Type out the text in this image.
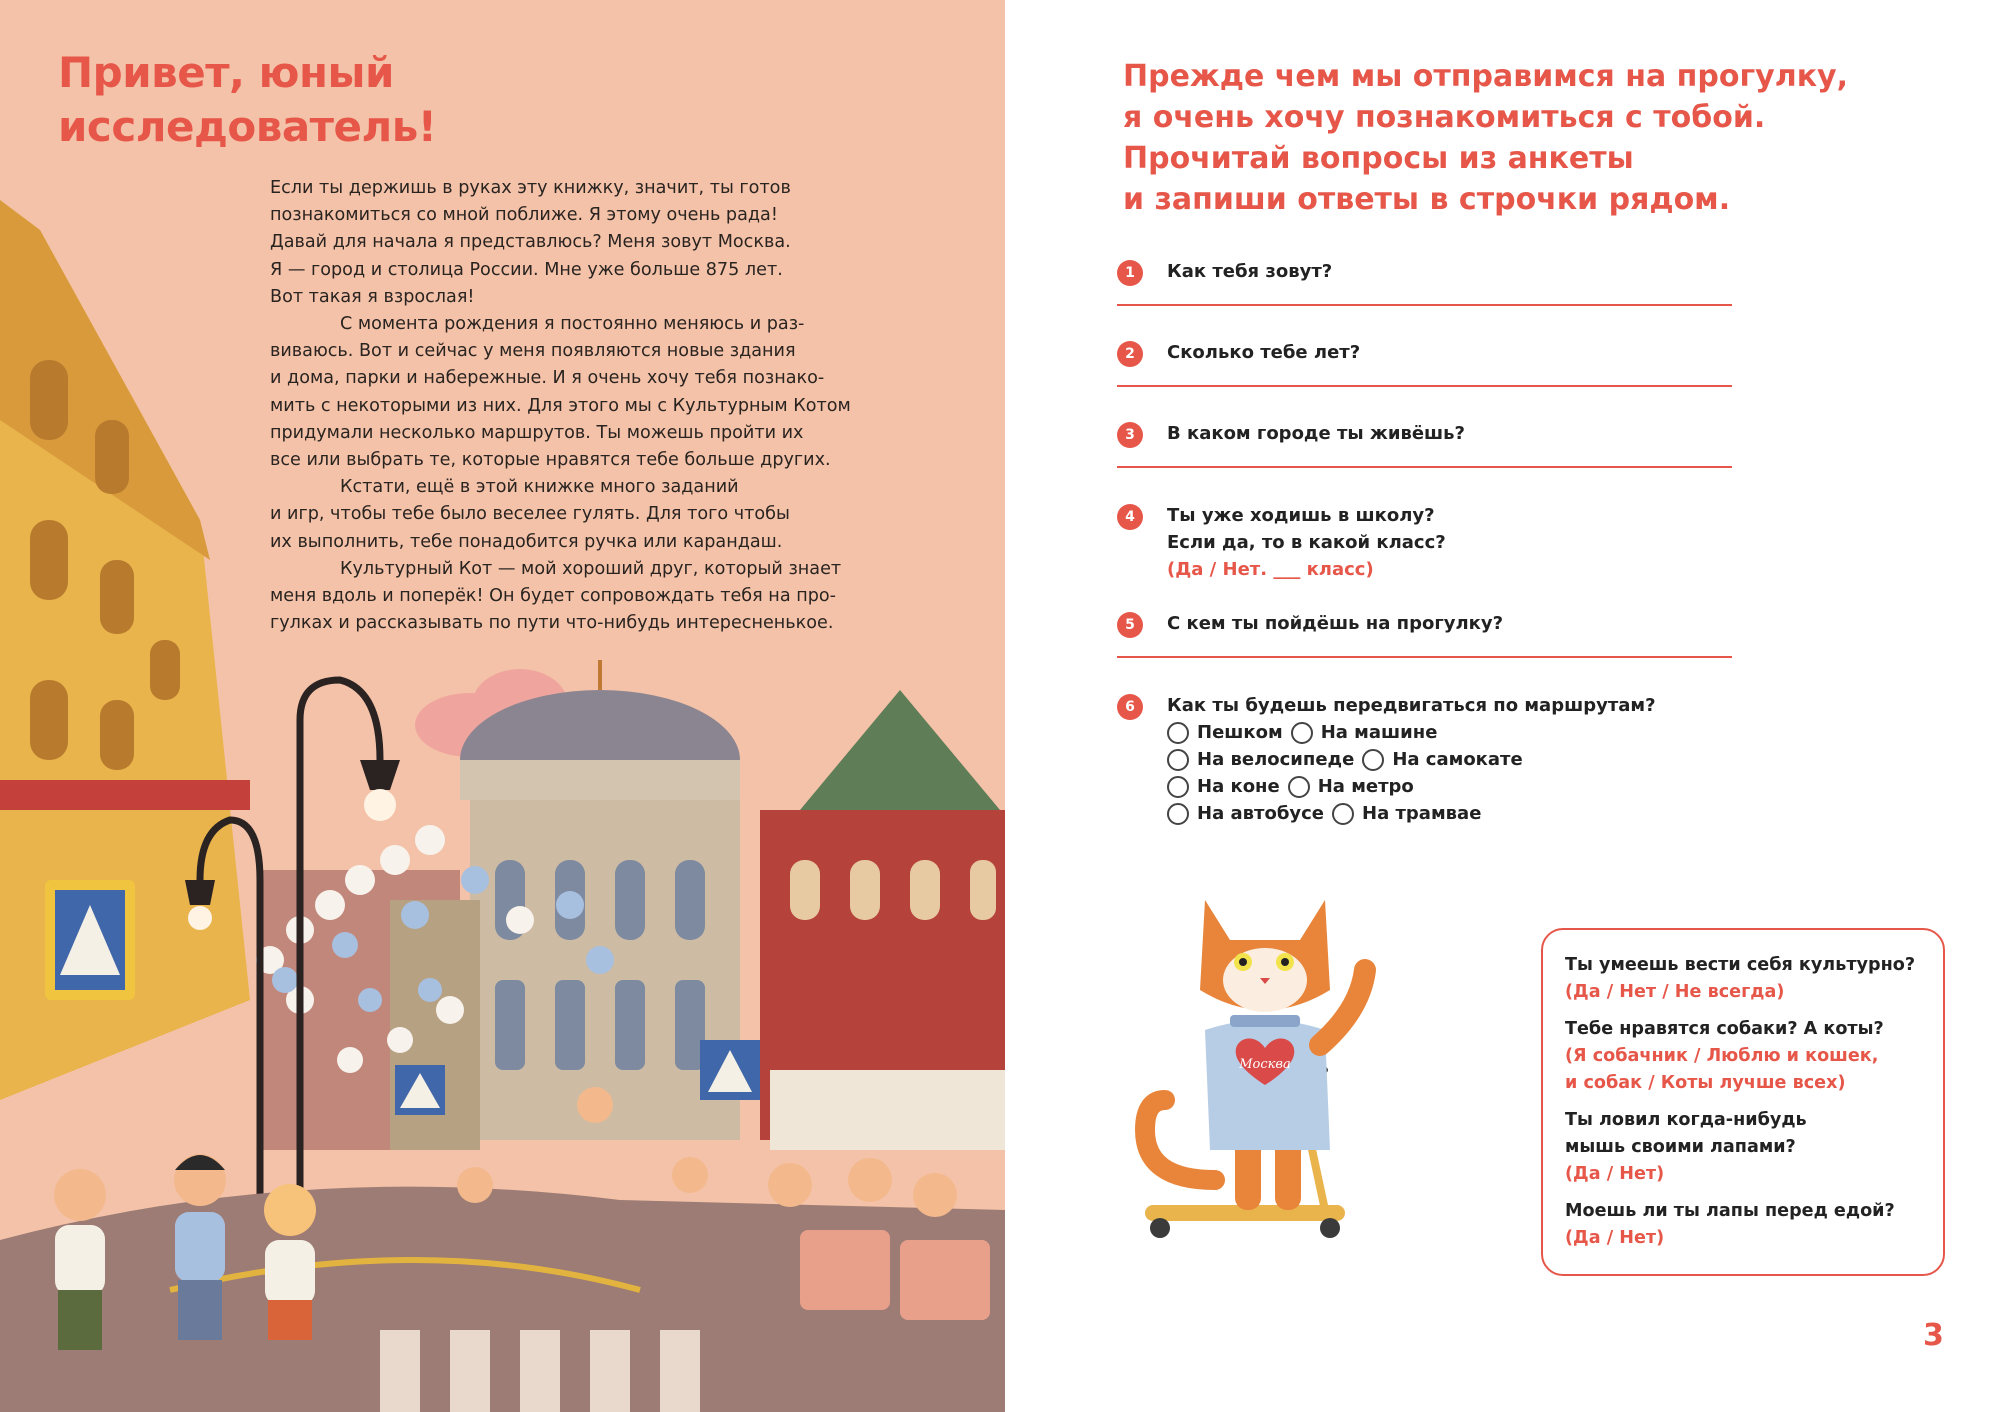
Привет, юный
исследователь!

Если ты держишь в руках эту книжку, значит, ты готов
познакомиться со мной поближе. Я этому очень рада!
Давай для начала я представлюсь? Меня зовут Москва.
Я — город и столица России. Мне уже больше 875 лет.
Вот такая я взрослая!

С момента рождения я постоянно меняюсь и раз-
виваюсь. Вот и сейчас у меня появляются новые здания
и дома, парки и набережные. И я очень хочу тебя познако-
мить с некоторыми из них. Для этого мы с Культурным Котом
придумали несколько маршрутов. Ты можешь пройти их
все или выбрать те, которые нравятся тебе больше других.

Кстати, ещё в этой книжке много заданий
и игр, чтобы тебе было веселее гулять. Для того чтобы
их выполнить, тебе понадобится ручка или карандаш.

Культурный Кот — мой хороший друг, который знает
меня вдоль и поперёк! Он будет сопровождать тебя на про-
гулках и рассказывать по пути что-нибудь интересненькое.

Прежде чем мы отправимся на прогулку,
я очень хочу познакомиться с тобой.
Прочитай вопросы из анкеты
и запиши ответы в строчки рядом.
1	Как тебя зовут?
2	Сколько тебе лет?
3	В каком городе ты живёшь?
4	Ты уже ходишь в школу?
Если да, то в какой класс?
(Да / Нет. ___ класс)
5	С кем ты пойдёшь на прогулку?
6	Как ты будешь передвигаться по маршрутам?
Пешком На машине
На велосипеде На самокате
На коне На метро
На автобусе На трамвае
Москва
Ты умеешь вести себя культурно?
(Да / Нет / Не всегда)
Тебе нравятся собаки? А коты?
(Я собачник / Люблю и кошек,
и собак / Коты лучше всех)
Ты ловил когда-нибудь
мышь своими лапами?
(Да / Нет)
Моешь ли ты лапы перед едой?
(Да / Нет)
3
